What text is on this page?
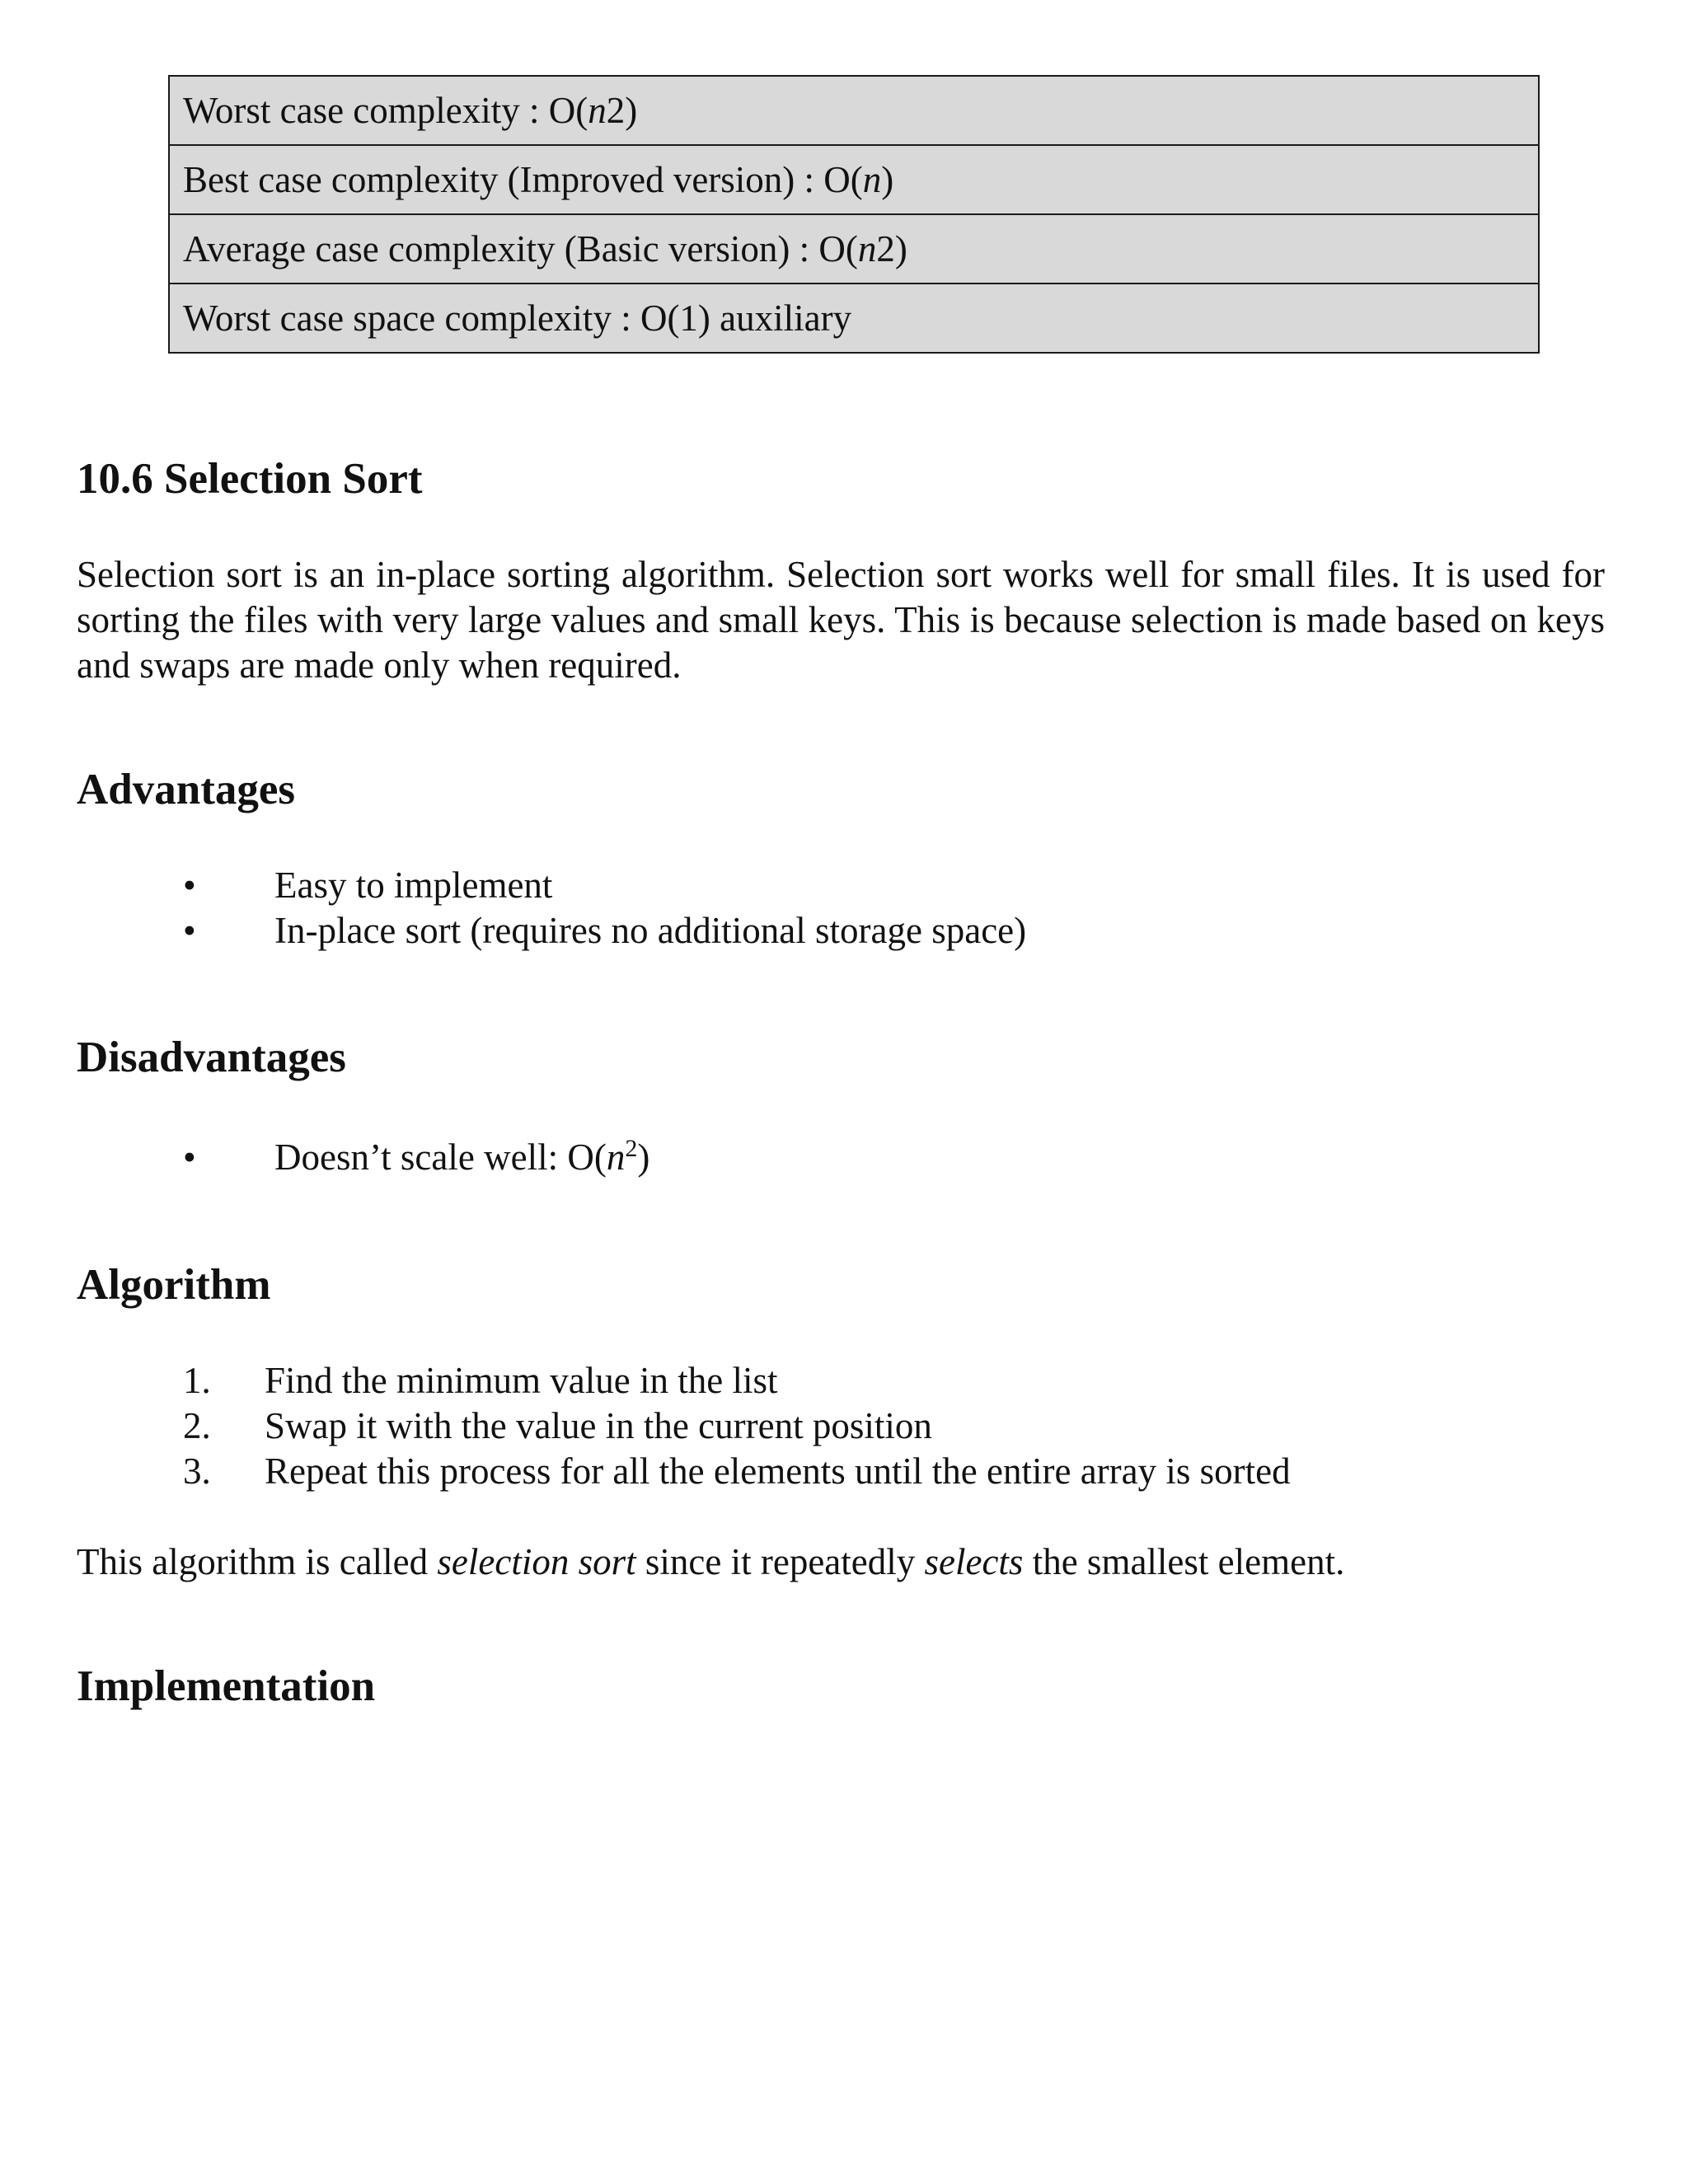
Worst case complexity : O(n2)
Best case complexity (Improved version) : O(n)
Average case complexity (Basic version) : O(n2)
Worst case space complexity : O(1) auxiliary
10.6 Selection Sort

Selection sort is an in-place sorting algorithm. Selection sort works well for small files. It is used for sorting the files with very large values and small keys. This is because selection is made based on keys and swaps are made only when required.

Advantages
• Easy to implement
• In-place sort (requires no additional storage space)
Disadvantages
• Doesn’t scale well: $O(n^2)$
Algorithm
1. Find the minimum value in the list
2. Swap it with the value in the current position
3. Repeat this process for all the elements until the entire array is sorted

This algorithm is called selection sort since it repeatedly selects the smallest element.

Implementation
